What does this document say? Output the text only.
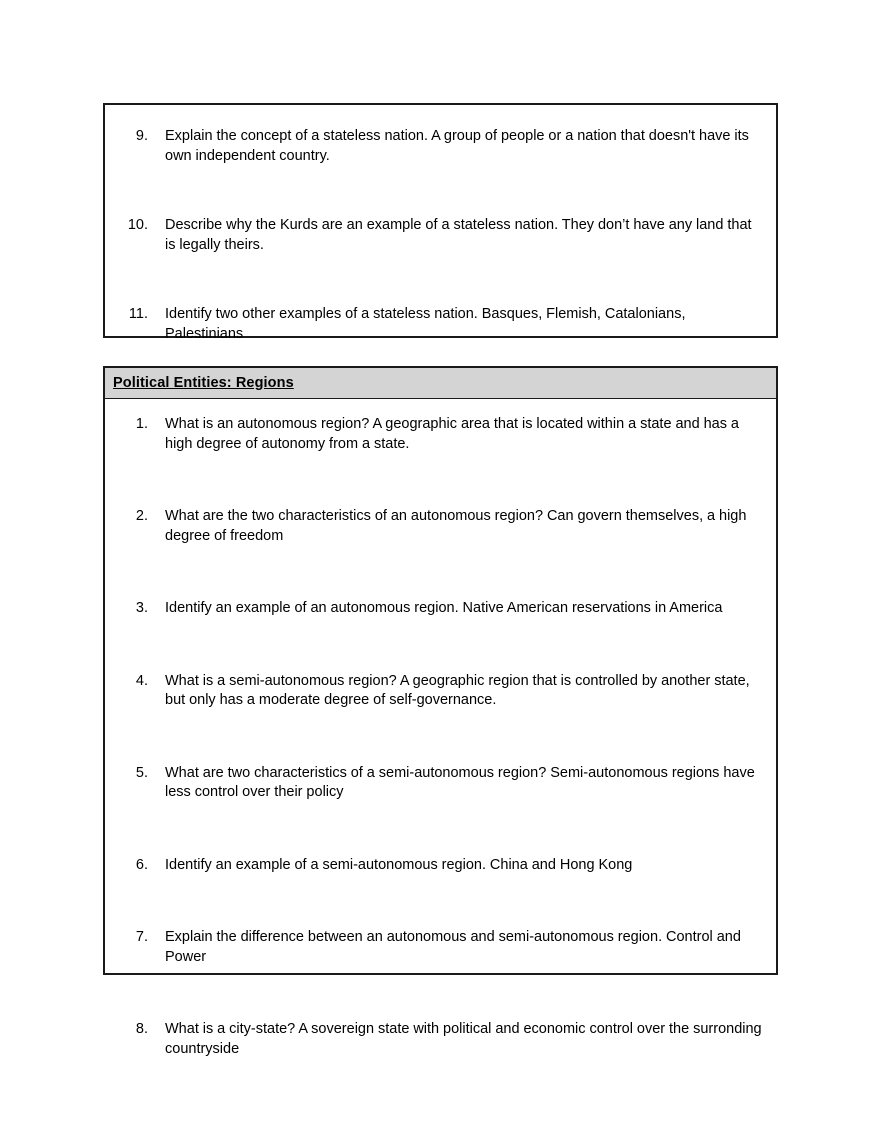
9. Explain the concept of a stateless nation. A group of people or a nation that doesn't have its own independent country.
10. Describe why the Kurds are an example of a stateless nation. They don’t have any land that is legally theirs.
11. Identify two other examples of a stateless nation. Basques, Flemish, Catalonians, Palestinians
Political Entities: Regions
1. What is an autonomous region? A geographic area that is located within a state and has a high degree of autonomy from a state.
2. What are the two characteristics of an autonomous region? Can govern themselves, a high degree of freedom
3. Identify an example of an autonomous region. Native American reservations in America
4. What is a semi-autonomous region? A geographic region that is controlled by another state, but only has a moderate degree of self-governance.
5. What are two characteristics of a semi-autonomous region? Semi-autonomous regions have less control over their policy
6. Identify an example of a semi-autonomous region. China and Hong Kong
7. Explain the difference between an autonomous and semi-autonomous region. Control and Power
8. What is a city-state? A sovereign state with political and economic control over the surronding countryside
